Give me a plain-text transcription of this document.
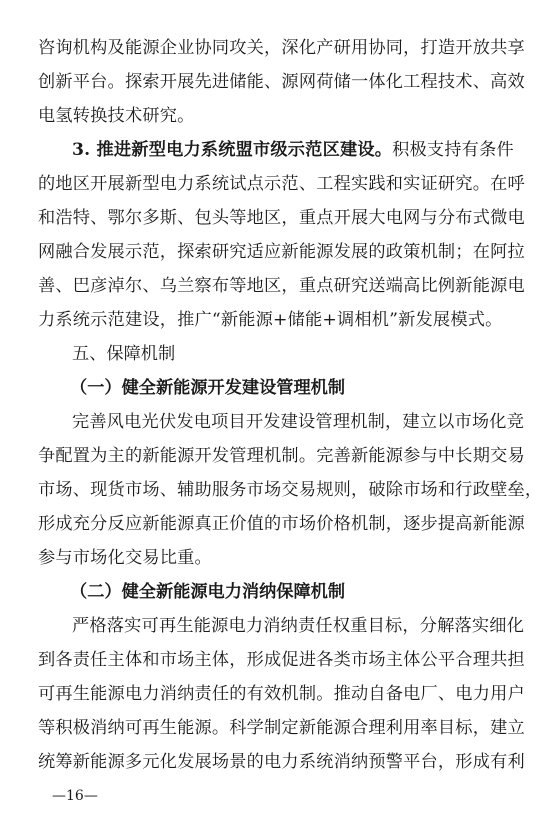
咨询机构及能源企业协同攻关，深化产研用协同，打造开放共享
创新平台。探索开展先进储能、源网荷储一体化工程技术、高效
电氢转换技术研究。
3. 推进新型电力系统盟市级示范区建设。积极支持有条件
的地区开展新型电力系统试点示范、工程实践和实证研究。在呼
和浩特、鄂尔多斯、包头等地区，重点开展大电网与分布式微电
网融合发展示范，探索研究适应新能源发展的政策机制；在阿拉
善、巴彦淖尔、乌兰察布等地区，重点研究送端高比例新能源电
力系统示范建设，推广“新能源+储能+调相机”新发展模式。
五、保障机制
（一）健全新能源开发建设管理机制
完善风电光伏发电项目开发建设管理机制，建立以市场化竞
争配置为主的新能源开发管理机制。完善新能源参与中长期交易
市场、现货市场、辅助服务市场交易规则，破除市场和行政壁垒，
形成充分反应新能源真正价值的市场价格机制，逐步提高新能源
参与市场化交易比重。
（二）健全新能源电力消纳保障机制
严格落实可再生能源电力消纳责任权重目标，分解落实细化
到各责任主体和市场主体，形成促进各类市场主体公平合理共担
可再生能源电力消纳责任的有效机制。推动自备电厂、电力用户
等积极消纳可再生能源。科学制定新能源合理利用率目标，建立
统筹新能源多元化发展场景的电力系统消纳预警平台，形成有利
—16—
